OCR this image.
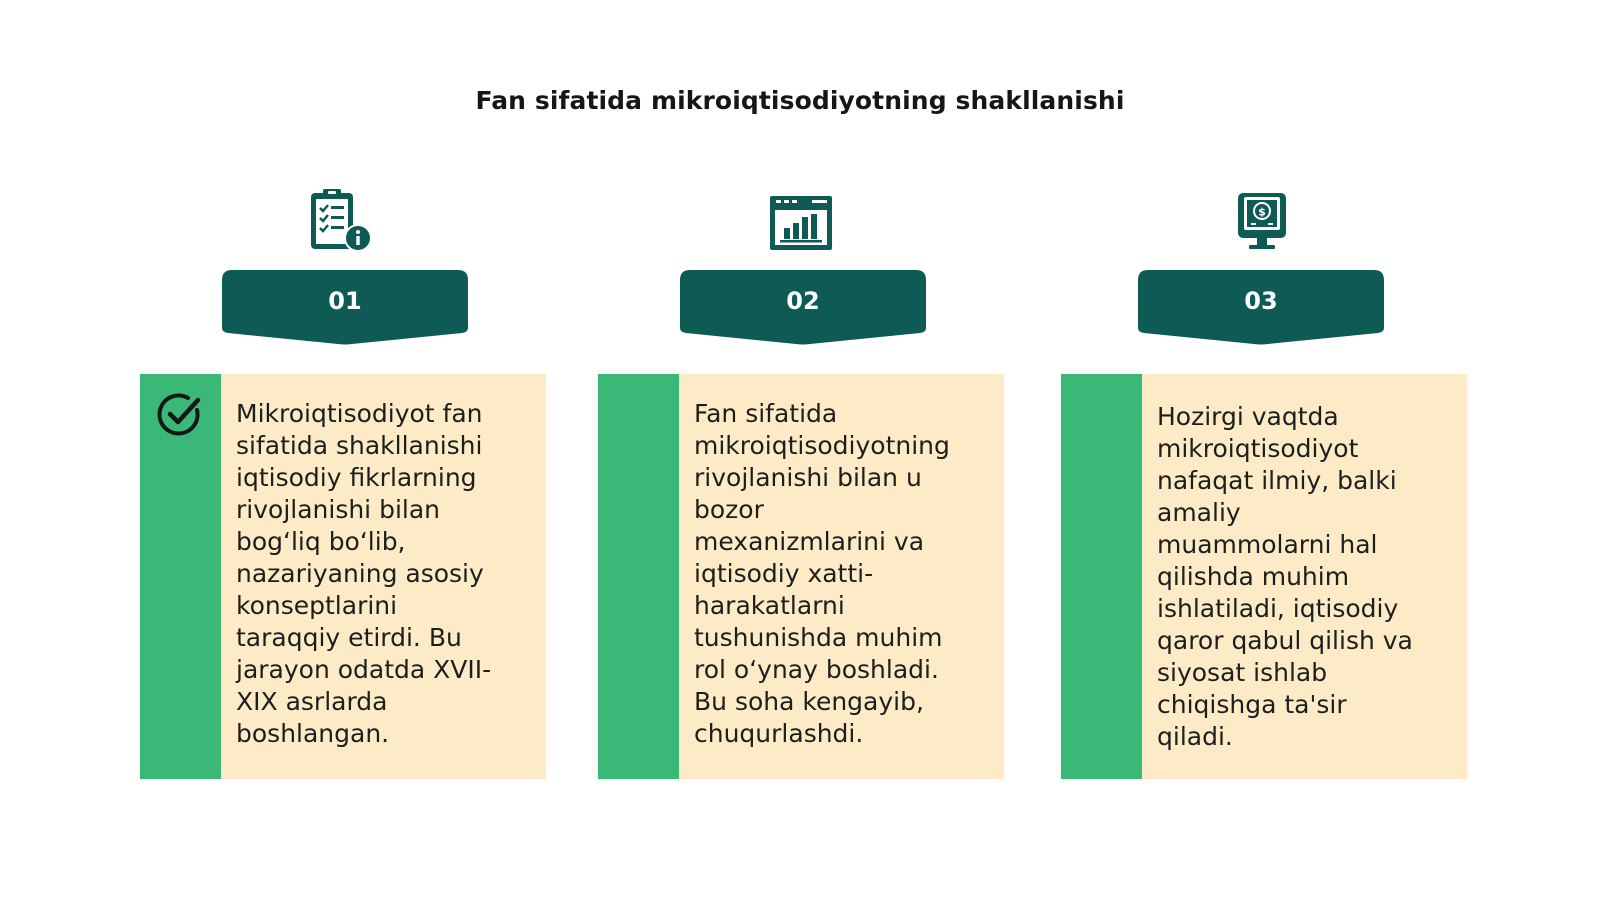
Fan sifatida mikroiqtisodiyotning shakllanishi
01
Mikroiqtisodiyot fan
sifatida shakllanishi
iqtisodiy fikrlarning
rivojlanishi bilan
bog‘liq bo‘lib,
nazariyaning asosiy
konseptlarini
taraqqiy etirdi. Bu
jarayon odatda XVII-
XIX asrlarda
boshlangan.
02
Fan sifatida
mikroiqtisodiyotning
rivojlanishi bilan u
bozor
mexanizmlarini va
iqtisodiy xatti-
harakatlarni
tushunishda muhim
rol o‘ynay boshladi.
Bu soha kengayib,
chuqurlashdi.
$
03
Hozirgi vaqtda
mikroiqtisodiyot
nafaqat ilmiy, balki
amaliy
muammolarni hal
qilishda muhim
ishlatiladi, iqtisodiy
qaror qabul qilish va
siyosat ishlab
chiqishga ta'sir
qiladi.
